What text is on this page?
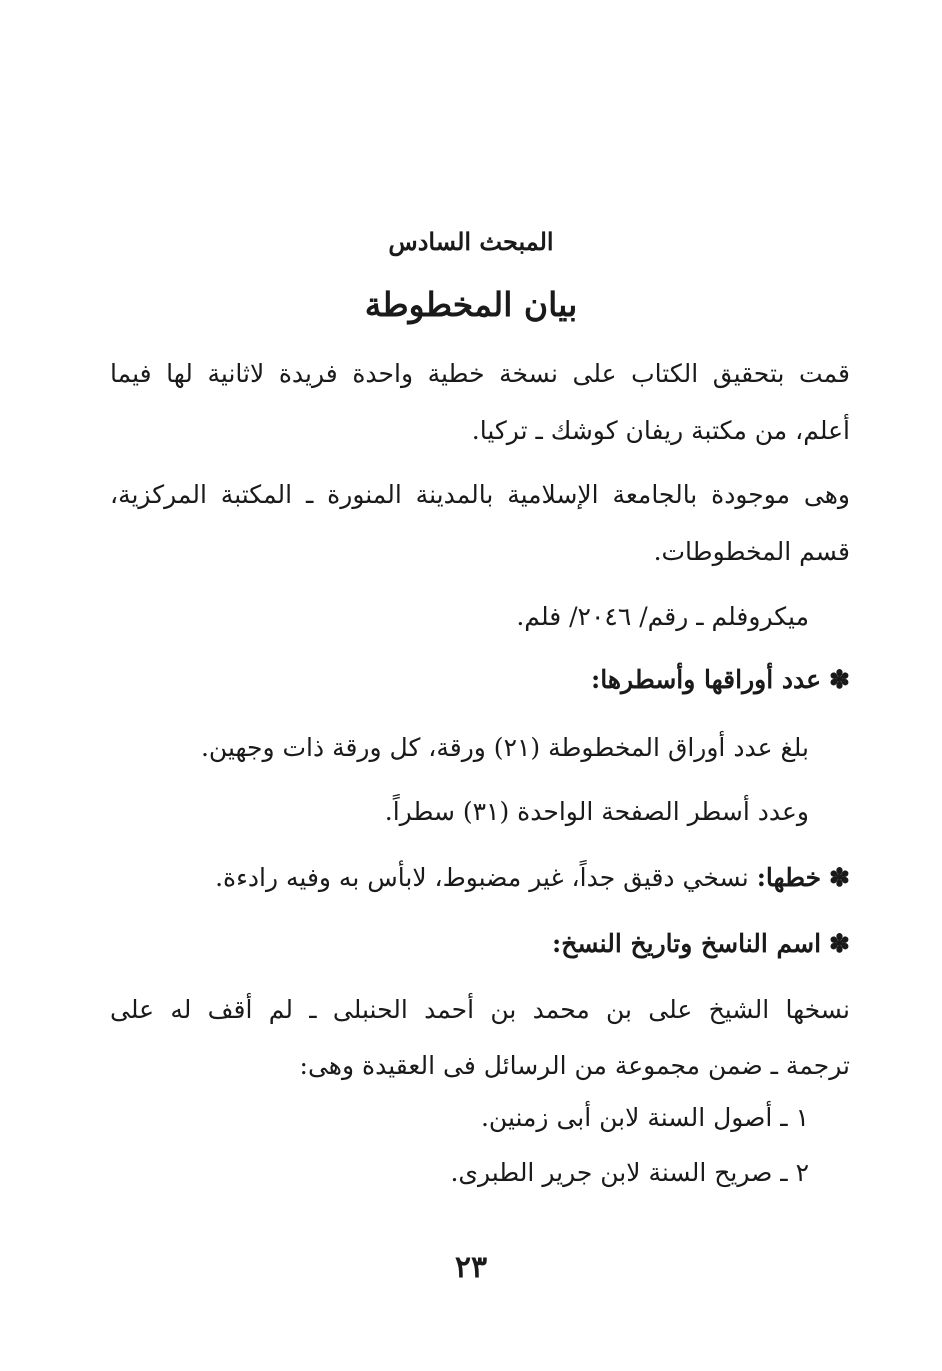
المبحث السادس
بيان المخطوطة
قمت بتحقيق الكتاب على نسخة خطية واحدة فريدة لاثانية لها فيما
أعلم، من مكتبة ريفان كوشك ـ تركيا.
وهى موجودة بالجامعة الإسلامية بالمدينة المنورة ـ المكتبة المركزية،
قسم المخطوطات.
ميكروفلم ـ رقم/ ٢٠٤٦/ فلم.
✽عدد أوراقها وأسطرها:
بلغ عدد أوراق المخطوطة (٢١) ورقة، كل ورقة ذات وجهين.
وعدد أسطر الصفحة الواحدة (٣١) سطراً.
✽خطها: نسخي دقيق جداً، غير مضبوط، لابأس به وفيه رادءة.
✽اسم الناسخ وتاريخ النسخ:
نسخها الشيخ على بن محمد بن أحمد الحنبلى ـ لم أقف له على
ترجمة ـ ضمن مجموعة من الرسائل فى العقيدة وهى:
١ ـ أصول السنة لابن أبى زمنين.
٢ ـ صريح السنة لابن جرير الطبرى.
٢٣
